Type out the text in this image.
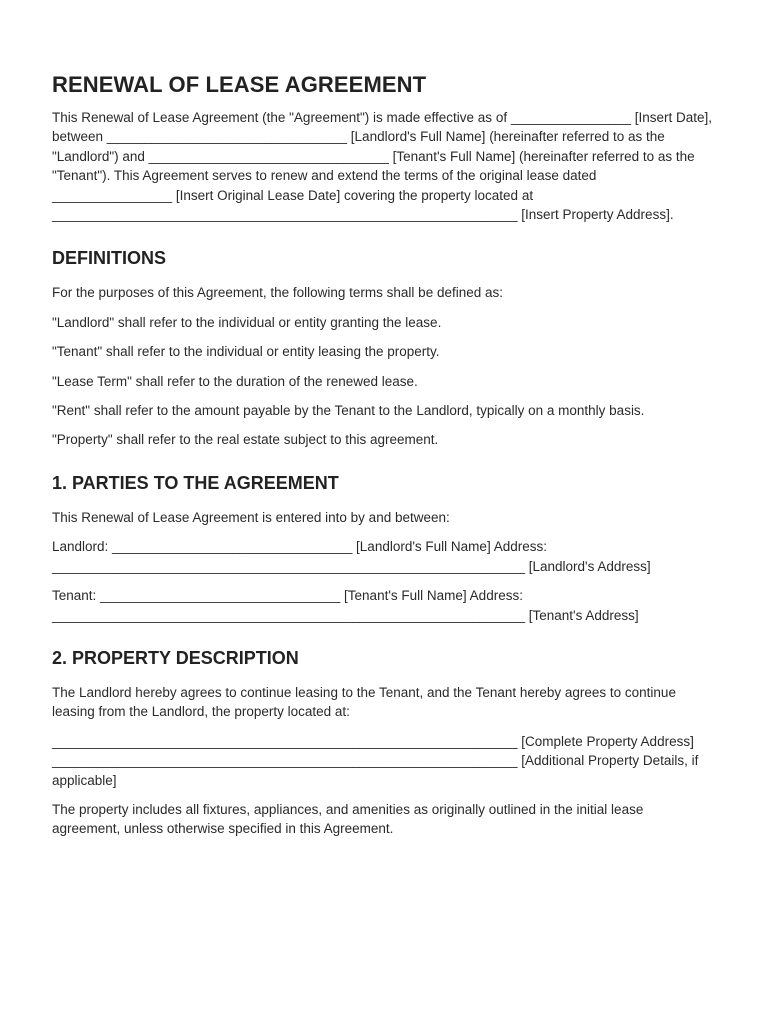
RENEWAL OF LEASE AGREEMENT

This Renewal of Lease Agreement (the "Agreement") is made effective as of ________________ [Insert Date], between ________________________________ [Landlord's Full Name] (hereinafter referred to as the "Landlord") and ________________________________ [Tenant's Full Name] (hereinafter referred to as the "Tenant"). This Agreement serves to renew and extend the terms of the original lease dated ________________ [Insert Original Lease Date] covering the property located at ______________________________________________________________ [Insert Property Address].

DEFINITIONS

For the purposes of this Agreement, the following terms shall be defined as:

"Landlord" shall refer to the individual or entity granting the lease.

"Tenant" shall refer to the individual or entity leasing the property.

"Lease Term" shall refer to the duration of the renewed lease.

"Rent" shall refer to the amount payable by the Tenant to the Landlord, typically on a monthly basis.

"Property" shall refer to the real estate subject to this agreement.

1. PARTIES TO THE AGREEMENT

This Renewal of Lease Agreement is entered into by and between:

Landlord: ________________________________ [Landlord's Full Name] Address: _______________________________________________________________ [Landlord's Address]

Tenant: ________________________________ [Tenant's Full Name] Address: _______________________________________________________________ [Tenant's Address]

2. PROPERTY DESCRIPTION

The Landlord hereby agrees to continue leasing to the Tenant, and the Tenant hereby agrees to continue leasing from the Landlord, the property located at:

______________________________________________________________ [Complete Property Address] ______________________________________________________________ [Additional Property Details, if applicable]

The property includes all fixtures, appliances, and amenities as originally outlined in the initial lease agreement, unless otherwise specified in this Agreement.
